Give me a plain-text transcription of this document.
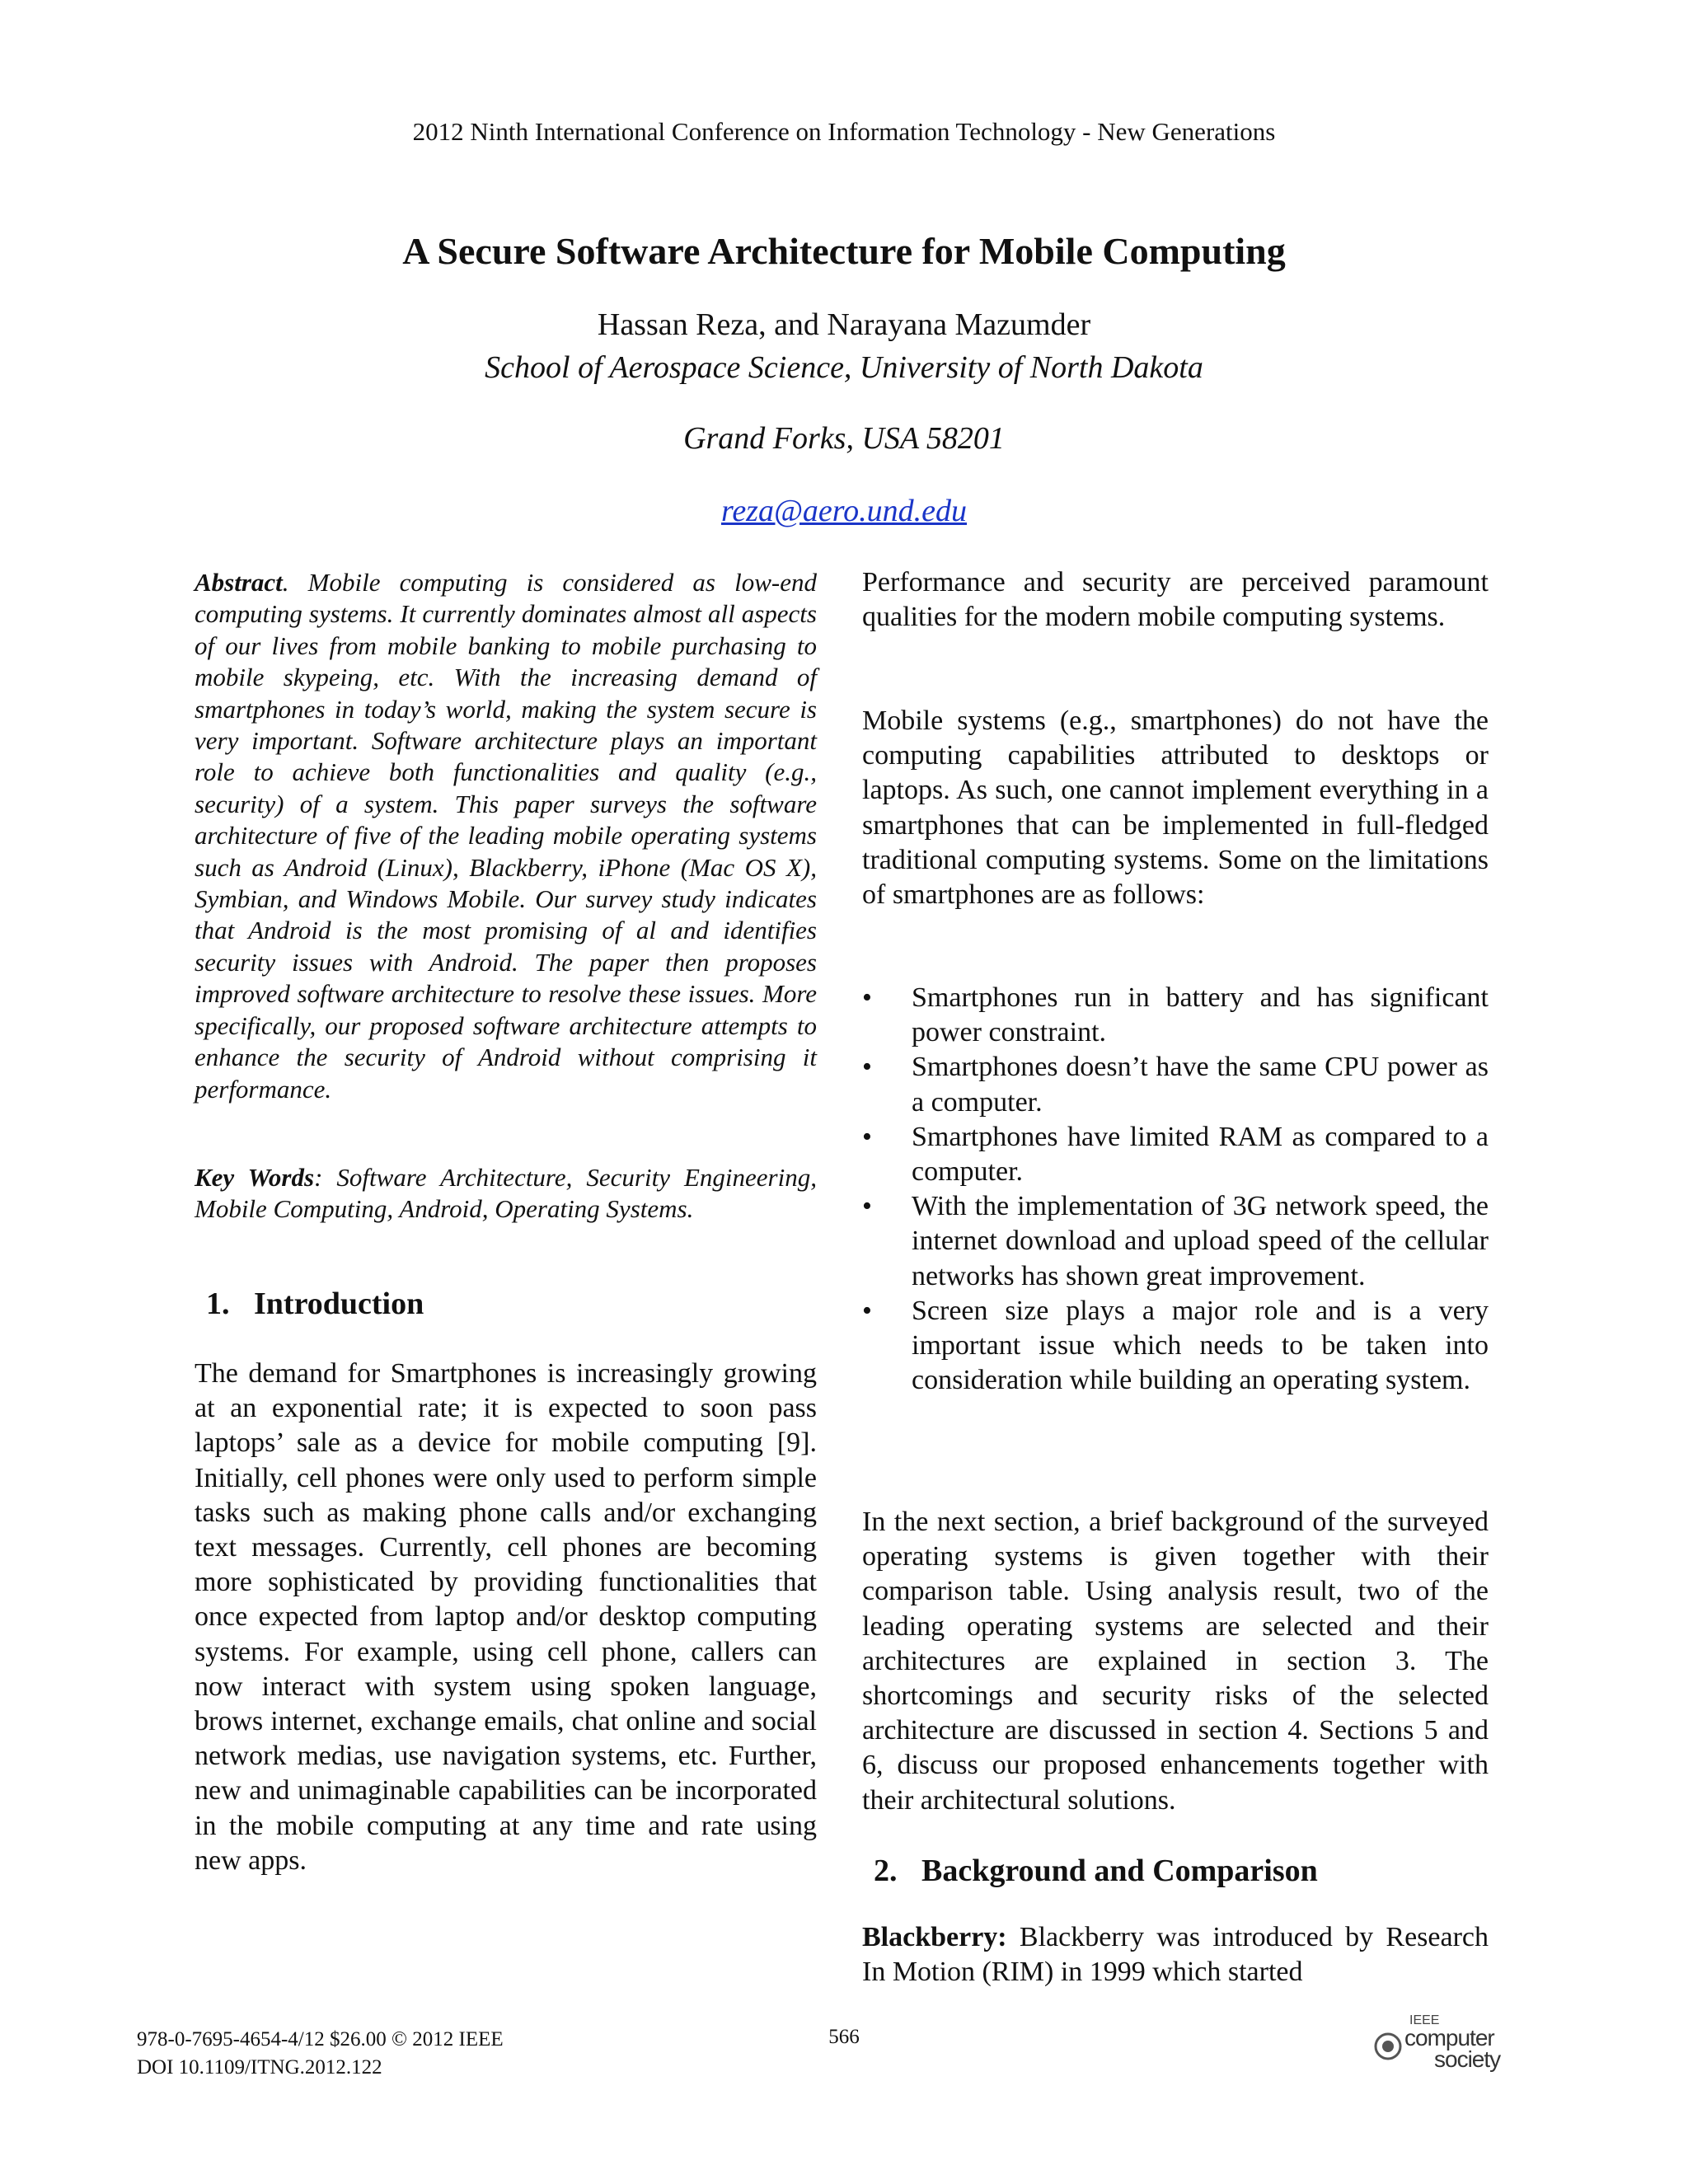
2012 Ninth International Conference on Information Technology - New Generations
A Secure Software Architecture for Mobile Computing
Hassan Reza, and Narayana Mazumder
School of Aerospace Science, University of North Dakota
Grand Forks, USA 58201
reza@aero.und.edu
Abstract. Mobile computing is considered as low-end computing systems. It currently dominates almost all aspects of our lives from mobile banking to mobile purchasing to mobile skypeing, etc. With the increasing demand of smartphones in today’s world, making the system secure is very important. Software architecture plays an important role to achieve both functionalities and quality (e.g., security) of a system. This paper surveys the software architecture of five of the leading mobile operating systems such as Android (Linux), Blackberry, iPhone (Mac OS X), Symbian, and Windows Mobile. Our survey study indicates that Android is the most promising of al and identifies security issues with Android. The paper then proposes improved software architecture to resolve these issues. More specifically, our proposed software architecture attempts to enhance the security of Android without comprising it performance.
Key Words: Software Architecture, Security Engineering, Mobile Computing, Android, Operating Systems.
1. Introduction
The demand for Smartphones is increasingly growing at an exponential rate; it is expected to soon pass laptops’ sale as a device for mobile computing [9]. Initially, cell phones were only used to perform simple tasks such as making phone calls and/or exchanging text messages. Currently, cell phones are becoming more sophisticated by providing functionalities that once expected from laptop and/or desktop computing systems. For example, using cell phone, callers can now interact with system using spoken language, brows internet, exchange emails, chat online and social network medias, use navigation systems, etc. Further, new and unimaginable capabilities can be incorporated in the mobile computing at any time and rate using new apps.
Performance and security are perceived paramount qualities for the modern mobile computing systems.
Mobile systems (e.g., smartphones) do not have the computing capabilities attributed to desktops or laptops. As such, one cannot implement everything in a smartphones that can be implemented in full-fledged traditional computing systems. Some on the limitations of smartphones are as follows:
•	Smartphones run in battery and has significant power constraint.
•	Smartphones doesn’t have the same CPU power as a computer.
•	Smartphones have limited RAM as compared to a computer.
•	With the implementation of 3G network speed, the internet download and upload speed of the cellular networks has shown great improvement.
•	Screen size plays a major role and is a very important issue which needs to be taken into consideration while building an operating system.
In the next section, a brief background of the surveyed operating systems is given together with their comparison table. Using analysis result, two of the leading operating systems are selected and their architectures are explained in section 3. The shortcomings and security risks of the selected architecture are discussed in section 4. Sections 5 and 6, discuss our proposed enhancements together with their architectural solutions.
2. Background and Comparison
Blackberry: Blackberry was introduced by Research In Motion (RIM) in 1999 which started
978-0-7695-4654-4/12 $26.00 © 2012 IEEE
DOI 10.1109/ITNG.2012.122
566
IEEE
computer
society
